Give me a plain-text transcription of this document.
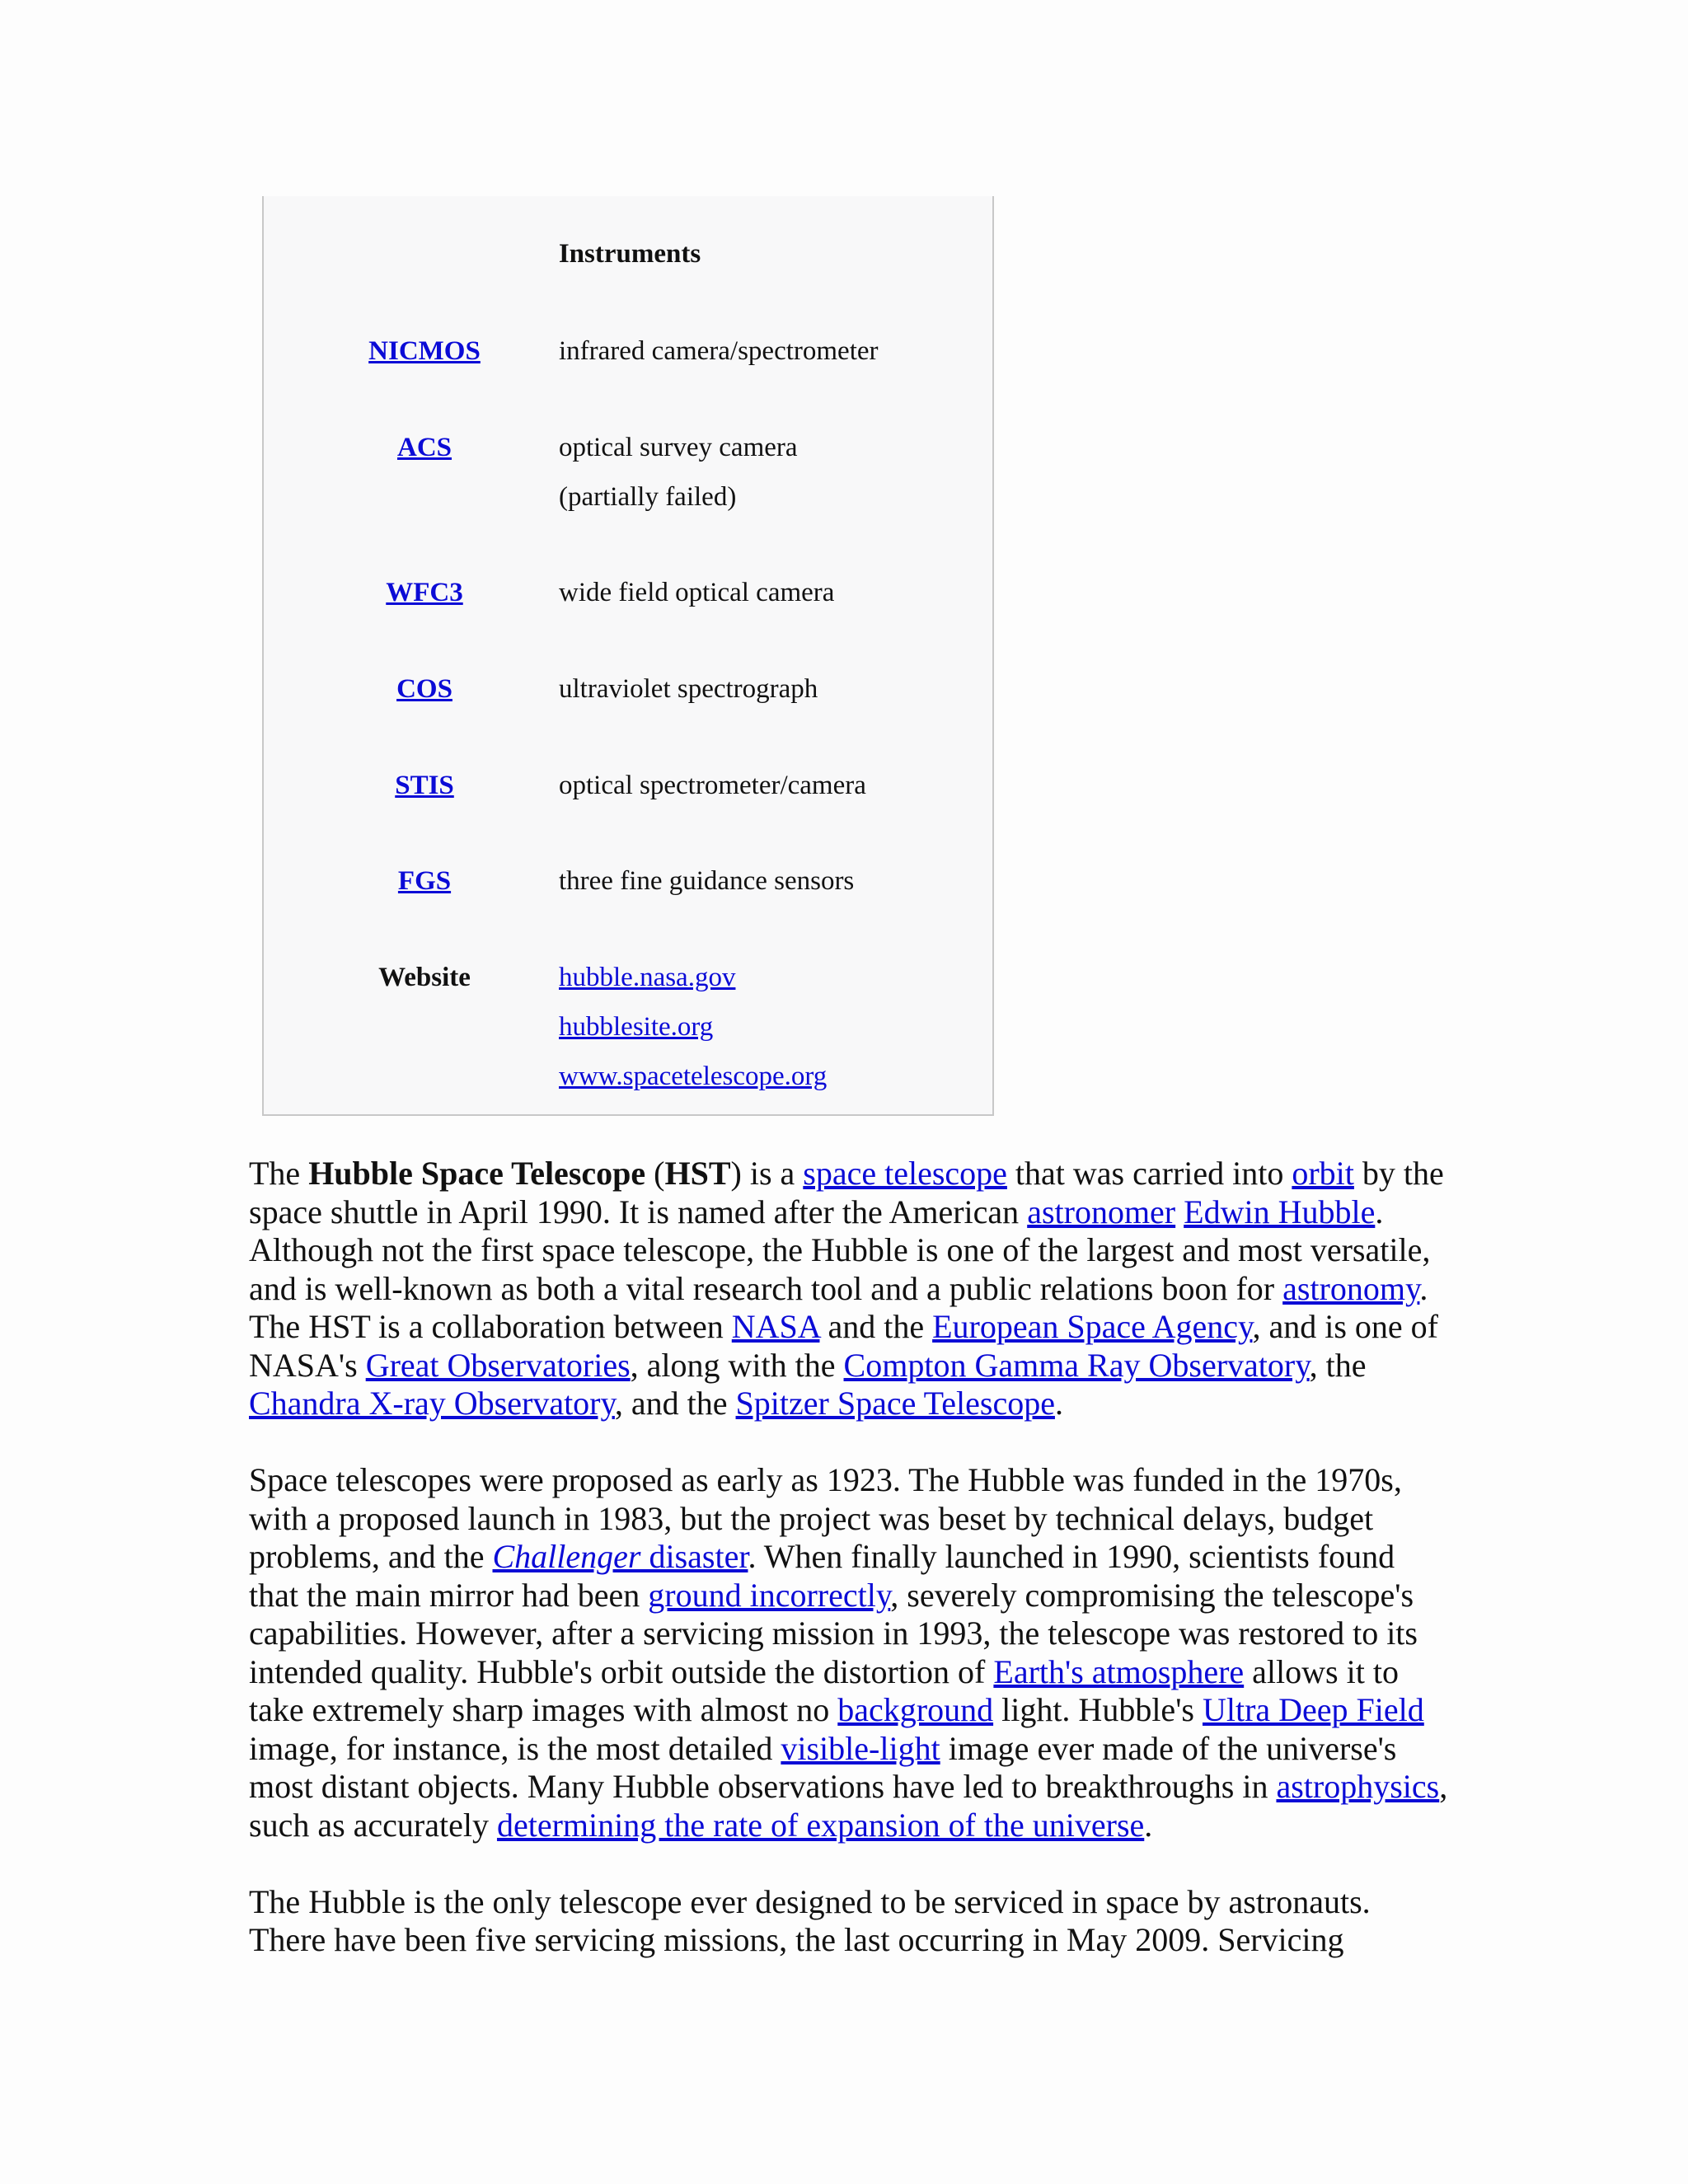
Instruments
NICMOS	infrared camera/spectrometer
ACS	optical survey camera
(partially failed)
WFC3	wide field optical camera
COS	ultraviolet spectrograph
STIS	optical spectrometer/camera
FGS	three fine guidance sensors
Website	hubble.nasa.gov
hubblesite.org
www.spacetelescope.org

The Hubble Space Telescope (HST) is a space telescope that was carried into orbit by the space shuttle in April 1990. It is named after the American astronomer Edwin Hubble. Although not the first space telescope, the Hubble is one of the largest and most versatile, and is well-known as both a vital research tool and a public relations boon for astronomy. The HST is a collaboration between NASA and the European Space Agency, and is one of NASA's Great Observatories, along with the Compton Gamma Ray Observatory, the Chandra X-ray Observatory, and the Spitzer Space Telescope.

Space telescopes were proposed as early as 1923. The Hubble was funded in the 1970s, with a proposed launch in 1983, but the project was beset by technical delays, budget problems, and the Challenger disaster. When finally launched in 1990, scientists found that the main mirror had been ground incorrectly, severely compromising the telescope's capabilities. However, after a servicing mission in 1993, the telescope was restored to its intended quality. Hubble's orbit outside the distortion of Earth's atmosphere allows it to take extremely sharp images with almost no background light. Hubble's Ultra Deep Field image, for instance, is the most detailed visible-light image ever made of the universe's most distant objects. Many Hubble observations have led to breakthroughs in astrophysics, such as accurately determining the rate of expansion of the universe.

The Hubble is the only telescope ever designed to be serviced in space by astronauts. There have been five servicing missions, the last occurring in May 2009. Servicing
